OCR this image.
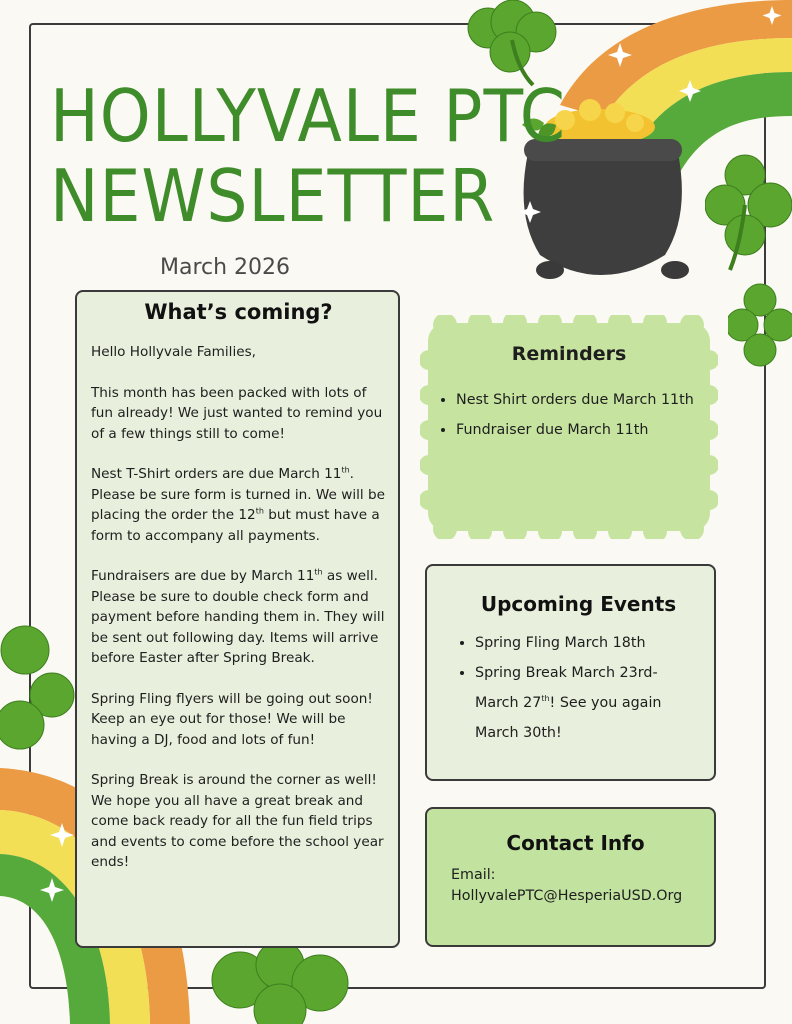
HOLLYVALE PTC
NEWSLETTER
March 2026
What’s coming?

Hello Hollyvale Families,

This month has been packed with lots of fun already! We just wanted to remind you of a few things still to come!

Nest T-Shirt orders are due March 11th. Please be sure form is turned in. We will be placing the order the 12th but must have a form to accompany all payments.

Fundraisers are due by March 11th as well. Please be sure to double check form and payment before handing them in. They will be sent out following day. Items will arrive before Easter after Spring Break.

Spring Fling flyers will be going out soon! Keep an eye out for those! We will be having a DJ, food and lots of fun!

Spring Break is around the corner as well! We hope you all have a great break and come back ready for all the fun field trips and events to come before the school year ends!

Reminders
• Nest Shirt orders due March 11th
• Fundraiser due March 11th
Upcoming Events
• Spring Fling March 18th
• Spring Break March 23rd- March 27th! See you again March 30th!
Contact Info

Email:

HollyvalePTC@HesperiaUSD.Org
